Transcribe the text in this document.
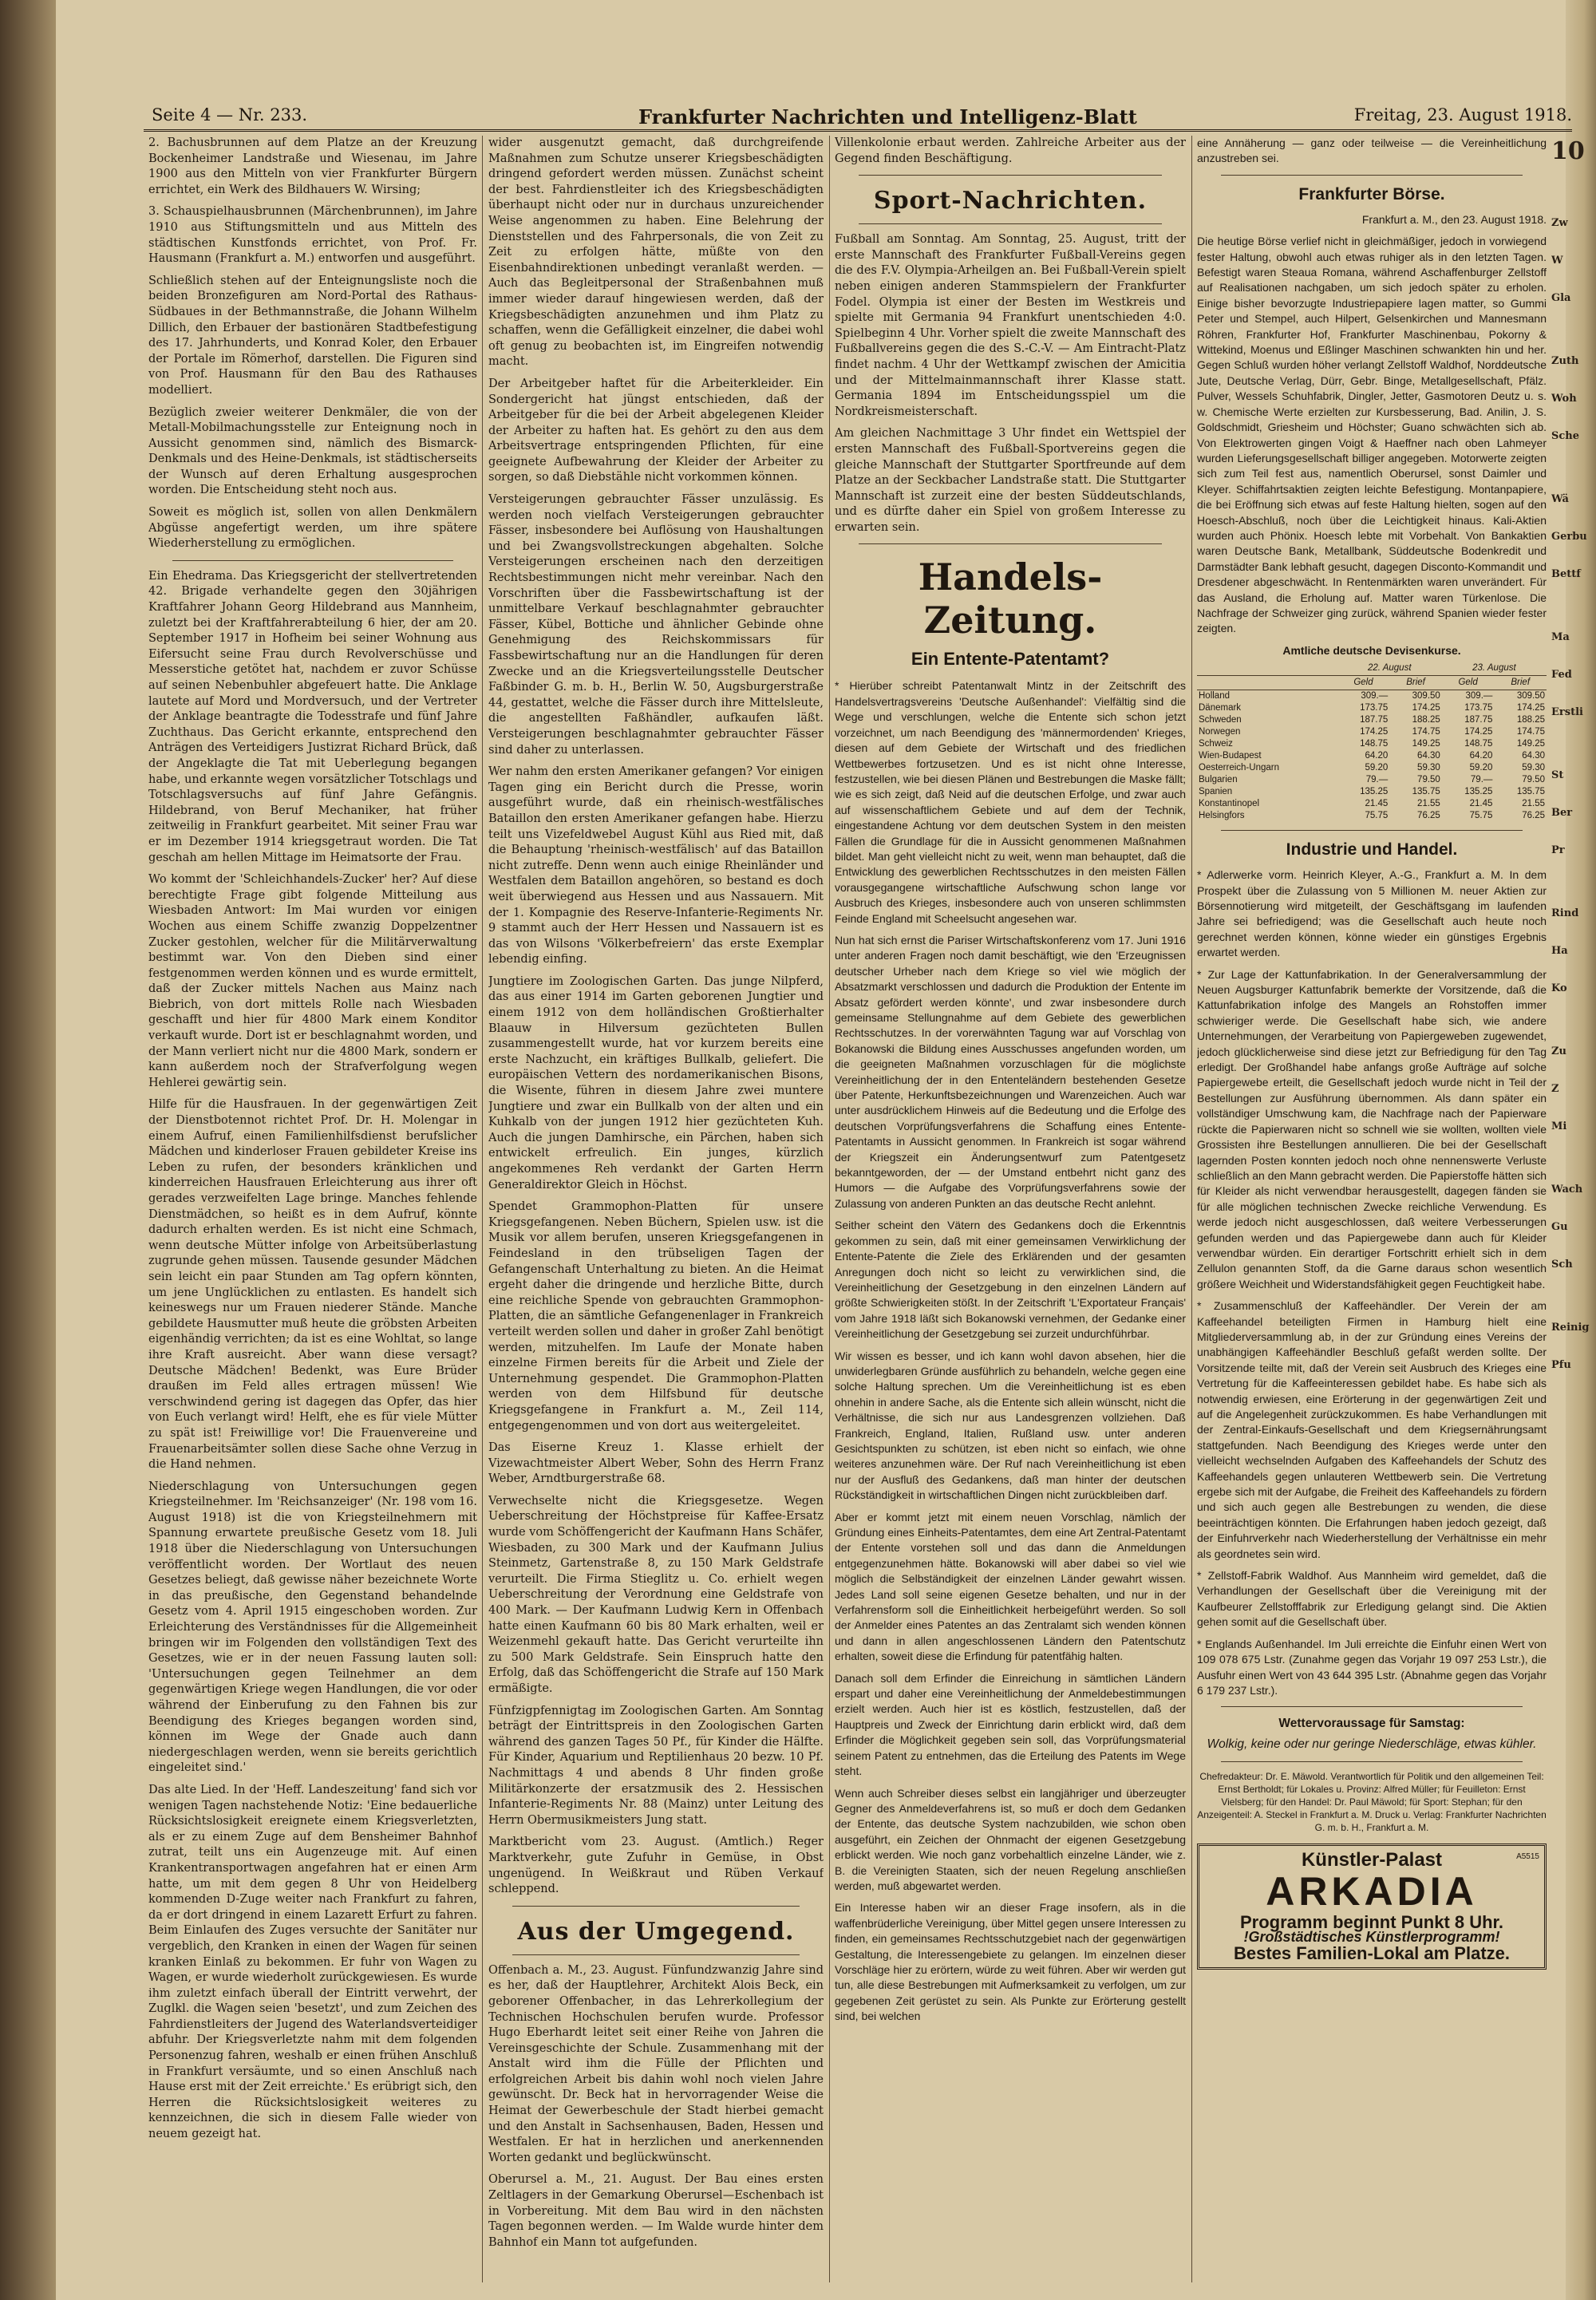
Seite 4 — Nr. 233.	Frankfurter Nachrichten und Intelligenz-Blatt	Freitag, 23. August 1918.

2. Bachusbrunnen auf dem Platze an der Kreuzung Bockenheimer Landstraße und Wiesenau, im Jahre 1900 aus den Mitteln von vier Frankfurter Bürgern errichtet, ein Werk des Bildhauers W. Wirsing;

3. Schauspielhausbrunnen (Märchenbrunnen), im Jahre 1910 aus Stiftungsmitteln und aus Mitteln des städtischen Kunstfonds errichtet, von Prof. Fr. Hausmann (Frankfurt a. M.) entworfen und ausgeführt.

Schließlich stehen auf der Enteignungsliste noch die beiden Bronzefiguren am Nord-Portal des Rathaus-Südbaues in der Bethmannstraße, die Johann Wilhelm Dillich, den Erbauer der bastionären Stadtbefestigung des 17. Jahrhunderts, und Konrad Koler, den Erbauer der Portale im Römerhof, darstellen. Die Figuren sind von Prof. Hausmann für den Bau des Rathauses modelliert.

Bezüglich zweier weiterer Denkmäler, die von der Metall-Mobilmachungsstelle zur Enteignung noch in Aussicht genommen sind, nämlich des Bismarck-Denkmals und des Heine-Denkmals, ist städtischerseits der Wunsch auf deren Erhaltung ausgesprochen worden. Die Entscheidung steht noch aus.

Soweit es möglich ist, sollen von allen Denkmälern Abgüsse angefertigt werden, um ihre spätere Wiederherstellung zu ermöglichen.

Ein Ehedrama. Das Kriegsgericht der stellvertretenden 42. Brigade verhandelte gegen den 30jährigen Kraftfahrer Johann Georg Hildebrand aus Mannheim, zuletzt bei der Kraftfahrerabteilung 6 hier, der am 20. September 1917 in Hofheim bei seiner Wohnung aus Eifersucht seine Frau durch Revolverschüsse und Messerstiche getötet hat, nachdem er zuvor Schüsse auf seinen Nebenbuhler abgefeuert hatte. Die Anklage lautete auf Mord und Mordversuch, und der Vertreter der Anklage beantragte die Todesstrafe und fünf Jahre Zuchthaus. Das Gericht erkannte, entsprechend den Anträgen des Verteidigers Justizrat Richard Brück, daß der Angeklagte die Tat mit Ueberlegung begangen habe, und erkannte wegen vorsätzlicher Totschlags und Totschlagsversuchs auf fünf Jahre Gefängnis. Hildebrand, von Beruf Mechaniker, hat früher zeitweilig in Frankfurt gearbeitet. Mit seiner Frau war er im Dezember 1914 kriegsgetraut worden. Die Tat geschah am hellen Mittage im Heimatsorte der Frau.

Wo kommt der 'Schleichhandels-Zucker' her? Auf diese berechtigte Frage gibt folgende Mitteilung aus Wiesbaden Antwort: Im Mai wurden vor einigen Wochen aus einem Schiffe zwanzig Doppelzentner Zucker gestohlen, welcher für die Militärverwaltung bestimmt war. Von den Dieben sind einer festgenommen werden können und es wurde ermittelt, daß der Zucker mittels Nachen aus Mainz nach Biebrich, von dort mittels Rolle nach Wiesbaden geschafft und hier für 4800 Mark einem Konditor verkauft wurde. Dort ist er beschlagnahmt worden, und der Mann verliert nicht nur die 4800 Mark, sondern er kann außerdem noch der Strafverfolgung wegen Hehlerei gewärtig sein.

Hilfe für die Hausfrauen. In der gegenwärtigen Zeit der Dienstbotennot richtet Prof. Dr. H. Molengar in einem Aufruf, einen Familienhilfsdienst berufslicher Mädchen und kinderloser Frauen gebildeter Kreise ins Leben zu rufen, der besonders kränklichen und kinderreichen Hausfrauen Erleichterung aus ihrer oft gerades verzweifelten Lage bringe. Manches fehlende Dienstmädchen, so heißt es in dem Aufruf, könnte dadurch erhalten werden. Es ist nicht eine Schmach, wenn deutsche Mütter infolge von Arbeitsüberlastung zugrunde gehen müssen. Tausende gesunder Mädchen sein leicht ein paar Stunden am Tag opfern könnten, um jene Unglücklichen zu entlasten. Es handelt sich keineswegs nur um Frauen niederer Stände. Manche gebildete Hausmutter muß heute die gröbsten Arbeiten eigenhändig verrichten; da ist es eine Wohltat, so lange ihre Kraft ausreicht. Aber wann diese versagt? Deutsche Mädchen! Bedenkt, was Eure Brüder draußen im Feld alles ertragen müssen! Wie verschwindend gering ist dagegen das Opfer, das hier von Euch verlangt wird! Helft, ehe es für viele Mütter zu spät ist! Freiwillige vor! Die Frauenvereine und Frauenarbeitsämter sollen diese Sache ohne Verzug in die Hand nehmen.

Niederschlagung von Untersuchungen gegen Kriegsteilnehmer. Im 'Reichsanzeiger' (Nr. 198 vom 16. August 1918) ist die von Kriegsteilnehmern mit Spannung erwartete preußische Gesetz vom 18. Juli 1918 über die Niederschlagung von Untersuchungen veröffentlicht worden. Der Wortlaut des neuen Gesetzes beliegt, daß gewisse näher bezeichnete Worte in das preußische, den Gegenstand behandelnde Gesetz vom 4. April 1915 eingeschoben worden. Zur Erleichterung des Verständnisses für die Allgemeinheit bringen wir im Folgenden den vollständigen Text des Gesetzes, wie er in der neuen Fassung lauten soll: 'Untersuchungen gegen Teilnehmer an dem gegenwärtigen Kriege wegen Handlungen, die vor oder während der Einberufung zu den Fahnen bis zur Beendigung des Krieges begangen worden sind, können im Wege der Gnade auch dann niedergeschlagen werden, wenn sie bereits gerichtlich eingeleitet sind.'

Das alte Lied. In der 'Heff. Landeszeitung' fand sich vor wenigen Tagen nachstehende Notiz: 'Eine bedauerliche Rücksichtslosigkeit ereignete einem Kriegsverletzten, als er zu einem Zuge auf dem Bensheimer Bahnhof zutrat, teilt uns ein Augenzeuge mit. Auf einen Krankentransportwagen angefahren hat er einen Arm hatte, um mit dem gegen 8 Uhr von Heidelberg kommenden D-Zuge weiter nach Frankfurt zu fahren, da er dort dringend in einem Lazarett Erfurt zu fahren. Beim Einlaufen des Zuges versuchte der Sanitäter nur vergeblich, den Kranken in einen der Wagen für seinen kranken Einlaß zu bekommen. Er fuhr von Wagen zu Wagen, er wurde wiederholt zurückgewiesen. Es wurde ihm zuletzt einfach überall der Eintritt verwehrt, der Zuglkl. die Wagen seien 'besetzt', und zum Zeichen des Fahrdienstleiters der Jugend des Waterlandsverteidiger abfuhr. Der Kriegsverletzte nahm mit dem folgenden Personenzug fahren, weshalb er einen frühen Anschluß in Frankfurt versäumte, und so einen Anschluß nach Hause erst mit der Zeit erreichte.' Es erübrigt sich, den Herren die Rücksichtslosigkeit weiteres zu kennzeichnen, die sich in diesem Falle wieder von neuem gezeigt hat.

wider ausgenutzt gemacht, daß durchgreifende Maßnahmen zum Schutze unserer Kriegsbeschädigten dringend gefordert werden müssen. Zunächst scheint der best. Fahrdienstleiter ich des Kriegsbeschädigten überhaupt nicht oder nur in durchaus unzureichender Weise angenommen zu haben. Eine Belehrung der Dienststellen und des Fahrpersonals, die von Zeit zu Zeit zu erfolgen hätte, müßte von den Eisenbahndirektionen unbedingt veranlaßt werden. — Auch das Begleitpersonal der Straßenbahnen muß immer wieder darauf hingewiesen werden, daß der Kriegsbeschädigten anzunehmen und ihm Platz zu schaffen, wenn die Gefälligkeit einzelner, die dabei wohl oft genug zu beobachten ist, im Eingreifen notwendig macht.

Der Arbeitgeber haftet für die Arbeiterkleider. Ein Sondergericht hat jüngst entschieden, daß der Arbeitgeber für die bei der Arbeit abgelegenen Kleider der Arbeiter zu haften hat. Es gehört zu den aus dem Arbeitsvertrage entspringenden Pflichten, für eine geeignete Aufbewahrung der Kleider der Arbeiter zu sorgen, so daß Diebstähle nicht vorkommen können.

Versteigerungen gebrauchter Fässer unzulässig. Es werden noch vielfach Versteigerungen gebrauchter Fässer, insbesondere bei Auflösung von Haushaltungen und bei Zwangsvollstreckungen abgehalten. Solche Versteigerungen erscheinen nach den derzeitigen Rechtsbestimmungen nicht mehr vereinbar. Nach den Vorschriften über die Fassbewirtschaftung ist der unmittelbare Verkauf beschlagnahmter gebrauchter Fässer, Kübel, Bottiche und ähnlicher Gebinde ohne Genehmigung des Reichskommissars für Fassbewirtschaftung nur an die Handlungen für deren Zwecke und an die Kriegsverteilungsstelle Deutscher Faßbinder G. m. b. H., Berlin W. 50, Augsburgerstraße 44, gestattet, welche die Fässer durch ihre Mittelsleute, die angestellten Faßhändler, aufkaufen läßt. Versteigerungen beschlagnahmter gebrauchter Fässer sind daher zu unterlassen.

Wer nahm den ersten Amerikaner gefangen? Vor einigen Tagen ging ein Bericht durch die Presse, worin ausgeführt wurde, daß ein rheinisch-westfälisches Bataillon den ersten Amerikaner gefangen habe. Hierzu teilt uns Vizefeldwebel August Kühl aus Ried mit, daß die Behauptung 'rheinisch-westfälisch' auf das Bataillon nicht zutreffe. Denn wenn auch einige Rheinländer und Westfalen dem Bataillon angehören, so bestand es doch weit überwiegend aus Hessen und aus Nassauern. Mit der 1. Kompagnie des Reserve-Infanterie-Regiments Nr. 9 stammt auch der Herr Hessen und Nassauern ist es das von Wilsons 'Völkerbefreiern' das erste Exemplar lebendig einfing.

Jungtiere im Zoologischen Garten. Das junge Nilpferd, das aus einer 1914 im Garten geborenen Jungtier und einem 1912 von dem holländischen Großtierhalter Blaauw in Hilversum gezüchteten Bullen zusammengestellt wurde, hat vor kurzem bereits eine erste Nachzucht, ein kräftiges Bullkalb, geliefert. Die europäischen Vettern des nordamerikanischen Bisons, die Wisente, führen in diesem Jahre zwei muntere Jungtiere und zwar ein Bullkalb von der alten und ein Kuhkalb von der jungen 1912 hier gezüchteten Kuh. Auch die jungen Damhirsche, ein Pärchen, haben sich entwickelt erfreulich. Ein junges, kürzlich angekommenes Reh verdankt der Garten Herrn Generaldirektor Gleich in Höchst.

Spendet Grammophon-Platten für unsere Kriegsgefangenen. Neben Büchern, Spielen usw. ist die Musik vor allem berufen, unseren Kriegsgefangenen in Feindesland in den trübseligen Tagen der Gefangenschaft Unterhaltung zu bieten. An die Heimat ergeht daher die dringende und herzliche Bitte, durch eine reichliche Spende von gebrauchten Grammophon-Platten, die an sämtliche Gefangenenlager in Frankreich verteilt werden sollen und daher in großer Zahl benötigt werden, mitzuhelfen. Im Laufe der Monate haben einzelne Firmen bereits für die Arbeit und Ziele der Unternehmung gespendet. Die Grammophon-Platten werden von dem Hilfsbund für deutsche Kriegsgefangene in Frankfurt a. M., Zeil 114, entgegengenommen und von dort aus weitergeleitet.

Das Eiserne Kreuz 1. Klasse erhielt der Vizewachtmeister Albert Weber, Sohn des Herrn Franz Weber, Arndtburgerstraße 68.

Verwechselte nicht die Kriegsgesetze. Wegen Ueberschreitung der Höchstpreise für Kaffee-Ersatz wurde vom Schöffengericht der Kaufmann Hans Schäfer, Wiesbaden, zu 300 Mark und der Kaufmann Julius Steinmetz, Gartenstraße 8, zu 150 Mark Geldstrafe verurteilt. Die Firma Stieglitz u. Co. erhielt wegen Ueberschreitung der Verordnung eine Geldstrafe von 400 Mark. — Der Kaufmann Ludwig Kern in Offenbach hatte einen Kaufmann 60 bis 80 Mark erhalten, weil er Weizenmehl gekauft hatte. Das Gericht verurteilte ihn zu 500 Mark Geldstrafe. Sein Einspruch hatte den Erfolg, daß das Schöffengericht die Strafe auf 150 Mark ermäßigte.

Fünfzigpfennigtag im Zoologischen Garten. Am Sonntag beträgt der Eintrittspreis in den Zoologischen Garten während des ganzen Tages 50 Pf., für Kinder die Hälfte. Für Kinder, Aquarium und Reptilienhaus 20 bezw. 10 Pf. Nachmittags 4 und abends 8 Uhr finden große Militärkonzerte der ersatzmusik des 2. Hessischen Infanterie-Regiments Nr. 88 (Mainz) unter Leitung des Herrn Obermusikmeisters Jung statt.

Marktbericht vom 23. August. (Amtlich.) Reger Marktverkehr, gute Zufuhr in Gemüse, in Obst ungenügend. In Weißkraut und Rüben Verkauf schleppend.

Aus der Umgegend.

Offenbach a. M., 23. August. Fünfundzwanzig Jahre sind es her, daß der Hauptlehrer, Architekt Alois Beck, ein geborener Offenbacher, in das Lehrerkollegium der Technischen Hochschulen berufen wurde. Professor Hugo Eberhardt leitet seit einer Reihe von Jahren die Vereinsgeschichte der Schule. Zusammenhang mit der Anstalt wird ihm die Fülle der Pflichten und erfolgreichen Arbeit bis dahin wohl noch vielen Jahre gewünscht. Dr. Beck hat in hervorragender Weise die Heimat der Gewerbeschule der Stadt hierbei gemacht und den Anstalt in Sachsenhausen, Baden, Hessen und Westfalen. Er hat in herzlichen und anerkennenden Worten gedankt und beglückwünscht.

Oberursel a. M., 21. August. Der Bau eines ersten Zeltlagers in der Gemarkung Oberursel—Eschenbach ist in Vorbereitung. Mit dem Bau wird in den nächsten Tagen begonnen werden. — Im Walde wurde hinter dem Bahnhof ein Mann tot aufgefunden.

Villenkolonie erbaut werden. Zahlreiche Arbeiter aus der Gegend finden Beschäftigung.

Sport-Nachrichten.

Fußball am Sonntag. Am Sonntag, 25. August, tritt der erste Mannschaft des Frankfurter Fußball-Vereins gegen die des F.V. Olympia-Arheilgen an. Bei Fußball-Verein spielt neben einigen anderen Stammspielern der Frankfurter Fodel. Olympia ist einer der Besten im Westkreis und spielte mit Germania 94 Frankfurt unentschieden 4:0. Spielbeginn 4 Uhr. Vorher spielt die zweite Mannschaft des Fußballvereins gegen die des S.-C.-V. — Am Eintracht-Platz findet nachm. 4 Uhr der Wettkampf zwischen der Amicitia und der Mittelmainmannschaft ihrer Klasse statt. Germania 1894 im Entscheidungsspiel um die Nordkreismeisterschaft.

Am gleichen Nachmittage 3 Uhr findet ein Wettspiel der ersten Mannschaft des Fußball-Sportvereins gegen die gleiche Mannschaft der Stuttgarter Sportfreunde auf dem Platze an der Seckbacher Landstraße statt. Die Stuttgarter Mannschaft ist zurzeit eine der besten Süddeutschlands, und es dürfte daher ein Spiel von großem Interesse zu erwarten sein.

Handels-Zeitung.
Ein Entente-Patentamt?

* Hierüber schreibt Patentanwalt Mintz in der Zeitschrift des Handelsvertragsvereins 'Deutsche Außenhandel': Vielfältig sind die Wege und verschlungen, welche die Entente sich schon jetzt vorzeichnet, um nach Beendigung des 'männermordenden' Krieges, diesen auf dem Gebiete der Wirtschaft und des friedlichen Wettbewerbes fortzusetzen. Und es ist nicht ohne Interesse, festzustellen, wie bei diesen Plänen und Bestrebungen die Maske fällt; wie es sich zeigt, daß Neid auf die deutschen Erfolge, und zwar auch auf wissenschaftlichem Gebiete und auf dem der Technik, eingestandene Achtung vor dem deutschen System in den meisten Fällen die Grundlage für die in Aussicht genommenen Maßnahmen bildet. Man geht vielleicht nicht zu weit, wenn man behauptet, daß die Entwicklung des gewerblichen Rechtsschutzes in den meisten Fällen vorausgegangene wirtschaftliche Aufschwung schon lange vor Ausbruch des Krieges, insbesondere auch von unseren schlimmsten Feinde England mit Scheelsucht angesehen war.

Nun hat sich ernst die Pariser Wirtschaftskonferenz vom 17. Juni 1916 unter anderen Fragen noch damit beschäftigt, wie den 'Erzeugnissen deutscher Urheber nach dem Kriege so viel wie möglich der Absatzmarkt verschlossen und dadurch die Produktion der Entente im Absatz gefördert werden könnte', und zwar insbesondere durch gemeinsame Stellungnahme auf dem Gebiete des gewerblichen Rechtsschutzes. In der vorerwähnten Tagung war auf Vorschlag von Bokanowski die Bildung eines Ausschusses angefunden worden, um die geeigneten Maßnahmen vorzuschlagen für die möglichste Vereinheitlichung der in den Ententeländern bestehenden Gesetze über Patente, Herkunftsbezeichnungen und Warenzeichen. Auch war unter ausdrücklichem Hinweis auf die Bedeutung und die Erfolge des deutschen Vorprüfungsverfahrens die Schaffung eines Entente-Patentamts in Aussicht genommen. In Frankreich ist sogar während der Kriegszeit ein Änderungsentwurf zum Patentgesetz bekanntgeworden, der — der Umstand entbehrt nicht ganz des Humors — die Aufgabe des Vorprüfungsverfahrens sowie der Zulassung von anderen Punkten an das deutsche Recht anlehnt.

Seither scheint den Vätern des Gedankens doch die Erkenntnis gekommen zu sein, daß mit einer gemeinsamen Verwirklichung der Entente-Patente die Ziele des Erklärenden und der gesamten Anregungen doch nicht so leicht zu verwirklichen sind, die Vereinheitlichung der Gesetzgebung in den einzelnen Ländern auf größte Schwierigkeiten stößt. In der Zeitschrift 'L'Exportateur Français' vom Jahre 1918 läßt sich Bokanowski vernehmen, der Gedanke einer Vereinheitlichung der Gesetzgebung sei zurzeit undurchführbar.

Wir wissen es besser, und ich kann wohl davon absehen, hier die unwiderlegbaren Gründe ausführlich zu behandeln, welche gegen eine solche Haltung sprechen. Um die Vereinheitlichung ist es eben ohnehin in andere Sache, als die Entente sich allein wünscht, nicht die Verhältnisse, die sich nur aus Landesgrenzen vollziehen. Daß Frankreich, England, Italien, Rußland usw. unter anderen Gesichtspunkten zu schützen, ist eben nicht so einfach, wie ohne weiteres anzunehmen wäre. Der Ruf nach Vereinheitlichung ist eben nur der Ausfluß des Gedankens, daß man hinter der deutschen Rückständigkeit in wirtschaftlichen Dingen nicht zurückbleiben darf.

Aber er kommt jetzt mit einem neuen Vorschlag, nämlich der Gründung eines Einheits-Patentamtes, dem eine Art Zentral-Patentamt der Entente vorstehen soll und das dann die Anmeldungen entgegenzunehmen hätte. Bokanowski will aber dabei so viel wie möglich die Selbständigkeit der einzelnen Länder gewahrt wissen. Jedes Land soll seine eigenen Gesetze behalten, und nur in der Verfahrensform soll die Einheitlichkeit herbeigeführt werden. So soll der Anmelder eines Patentes an das Zentralamt sich wenden können und dann in allen angeschlossenen Ländern den Patentschutz erhalten, soweit diese die Erfindung für patentfähig halten.

Danach soll dem Erfinder die Einreichung in sämtlichen Ländern erspart und daher eine Vereinheitlichung der Anmeldebestimmungen erzielt werden. Auch hier ist es köstlich, festzustellen, daß der Hauptpreis und Zweck der Einrichtung darin erblickt wird, daß dem Erfinder die Möglichkeit gegeben sein soll, das Vorprüfungsmaterial seinem Patent zu entnehmen, das die Erteilung des Patents im Wege steht.

Wenn auch Schreiber dieses selbst ein langjähriger und überzeugter Gegner des Anmeldeverfahrens ist, so muß er doch dem Gedanken der Entente, das deutsche System nachzubilden, wie schon oben ausgeführt, ein Zeichen der Ohnmacht der eigenen Gesetzgebung erblickt werden. Wie noch ganz vorbehaltlich einzelne Länder, wie z. B. die Vereinigten Staaten, sich der neuen Regelung anschließen werden, muß abgewartet werden.

Ein Interesse haben wir an dieser Frage insofern, als in die waffenbrüderliche Vereinigung, über Mittel gegen unsere Interessen zu finden, ein gemeinsames Rechtsschutzgebiet nach der gegenwärtigen Gestaltung, die Interessengebiete zu gelangen. Im einzelnen dieser Vorschläge hier zu erörtern, würde zu weit führen. Aber wir werden gut tun, alle diese Bestrebungen mit Aufmerksamkeit zu verfolgen, um zur gegebenen Zeit gerüstet zu sein. Als Punkte zur Erörterung gestellt sind, bei welchen

eine Annäherung — ganz oder teilweise — die Vereinheitlichung anzustreben sei.

Frankfurter Börse.

Frankfurt a. M., den 23. August 1918.

Die heutige Börse verlief nicht in gleichmäßiger, jedoch in vorwiegend fester Haltung, obwohl auch etwas ruhiger als in den letzten Tagen. Befestigt waren Steaua Romana, während Aschaffenburger Zellstoff auf Realisationen nachgaben, um sich jedoch später zu erholen. Einige bisher bevorzugte Industriepapiere lagen matter, so Gummi Peter und Stempel, auch Hilpert, Gelsenkirchen und Mannesmann Röhren, Frankfurter Hof, Frankfurter Maschinenbau, Pokorny & Wittekind, Moenus und Eßlinger Maschinen schwankten hin und her. Gegen Schluß wurden höher verlangt Zellstoff Waldhof, Norddeutsche Jute, Deutsche Verlag, Dürr, Gebr. Binge, Metallgesellschaft, Pfälz. Pulver, Wessels Schuhfabrik, Dingler, Jetter, Gasmotoren Deutz u. s. w. Chemische Werte erzielten zur Kursbesserung, Bad. Anilin, J. S. Goldschmidt, Griesheim und Höchster; Guano schwächten sich ab. Von Elektrowerten gingen Voigt & Haeffner nach oben Lahmeyer wurden Lieferungsgesellschaft billiger angegeben. Motorwerte zeigten sich zum Teil fest aus, namentlich Oberursel, sonst Daimler und Kleyer. Schiffahrtsaktien zeigten leichte Befestigung. Montanpapiere, die bei Eröffnung sich etwas auf feste Haltung hielten, sogen auf den Hoesch-Abschluß, noch über die Leichtigkeit hinaus. Kali-Aktien wurden auch Phönix. Hoesch lebte mit Vorbehalt. Von Bankaktien waren Deutsche Bank, Metallbank, Süddeutsche Bodenkredit und Darmstädter Bank lebhaft gesucht, dagegen Disconto-Kommandit und Dresdener abgeschwächt. In Rentenmärkten waren unverändert. Für das Ausland, die Erholung auf. Matter waren Türkenlose. Die Nachfrage der Schweizer ging zurück, während Spanien wieder fester zeigten.

Amtliche deutsche Devisenkurse.
	22. August		23. August	
	Geld	Brief	Geld	Brief
Holland	309.—	309.50	309.—	309.50
Dänemark	173.75	174.25	173.75	174.25
Schweden	187.75	188.25	187.75	188.25
Norwegen	174.25	174.75	174.25	174.75
Schweiz	148.75	149.25	148.75	149.25
Wien-Budapest	64.20	64.30	64.20	64.30
Oesterreich-Ungarn	59.20	59.30	59.20	59.30
Bulgarien	79.—	79.50	79.—	79.50
Spanien	135.25	135.75	135.25	135.75
Konstantinopel	21.45	21.55	21.45	21.55
Helsingfors	75.75	76.25	75.75	76.25
Industrie und Handel.

* Adlerwerke vorm. Heinrich Kleyer, A.-G., Frankfurt a. M. In dem Prospekt über die Zulassung von 5 Millionen M. neuer Aktien zur Börsennotierung wird mitgeteilt, der Geschäftsgang im laufenden Jahre sei befriedigend; was die Gesellschaft auch heute noch gerechnet werden können, könne wieder ein günstiges Ergebnis erwartet werden.

* Zur Lage der Kattunfabrikation. In der Generalversammlung der Neuen Augsburger Kattunfabrik bemerkte der Vorsitzende, daß die Kattunfabrikation infolge des Mangels an Rohstoffen immer schwieriger werde. Die Gesellschaft habe sich, wie andere Unternehmungen, der Verarbeitung von Papiergeweben zugewendet, jedoch glücklicherweise sind diese jetzt zur Befriedigung für den Tag erledigt. Der Großhandel habe anfangs große Aufträge auf solche Papiergewebe erteilt, die Gesellschaft jedoch wurde nicht in Teil der Bestellungen zur Ausführung übernommen. Als dann später ein vollständiger Umschwung kam, die Nachfrage nach der Papierware rückte die Papierwaren nicht so schnell wie sie wollten, wollten viele Grossisten ihre Bestellungen annullieren. Die bei der Gesellschaft lagernden Posten konnten jedoch noch ohne nennenswerte Verluste schließlich an den Mann gebracht werden. Die Papierstoffe hätten sich für Kleider als nicht verwendbar herausgestellt, dagegen fänden sie für alle möglichen technischen Zwecke reichliche Verwendung. Es werde jedoch nicht ausgeschlossen, daß weitere Verbesserungen gefunden werden und das Papiergewebe dann auch für Kleider verwendbar würden. Ein derartiger Fortschritt erhielt sich in dem Zellulon genannten Stoff, da die Garne daraus schon wesentlich größere Weichheit und Widerstandsfähigkeit gegen Feuchtigkeit habe.

* Zusammenschluß der Kaffeehändler. Der Verein der am Kaffeehandel beteiligten Firmen in Hamburg hielt eine Mitgliederversammlung ab, in der zur Gründung eines Vereins der unabhängigen Kaffeehändler Beschluß gefaßt werden sollte. Der Vorsitzende teilte mit, daß der Verein seit Ausbruch des Krieges eine Vertretung für die Kaffeeinteressen gebildet habe. Es habe sich als notwendig erwiesen, eine Erörterung in der gegenwärtigen Zeit und auf die Angelegenheit zurückzukommen. Es habe Verhandlungen mit der Zentral-Einkaufs-Gesellschaft und dem Kriegsernährungsamt stattgefunden. Nach Beendigung des Krieges werde unter den vielleicht wechselnden Aufgaben des Kaffeehandels der Schutz des Kaffeehandels gegen unlauteren Wettbewerb sein. Die Vertretung ergebe sich mit der Aufgabe, die Freiheit des Kaffeehandels zu fördern und sich auch gegen alle Bestrebungen zu wenden, die diese beeinträchtigen könnten. Die Erfahrungen haben jedoch gezeigt, daß der Einfuhrverkehr nach Wiederherstellung der Verhältnisse ein mehr als geordnetes sein wird.

* Zellstoff-Fabrik Waldhof. Aus Mannheim wird gemeldet, daß die Verhandlungen der Gesellschaft über die Vereinigung mit der Kaufbeurer Zellstofffabrik zur Erledigung gelangt sind. Die Aktien gehen somit auf die Gesellschaft über.

* Englands Außenhandel. Im Juli erreichte die Einfuhr einen Wert von 109 078 675 Lstr. (Zunahme gegen das Vorjahr 19 097 253 Lstr.), die Ausfuhr einen Wert von 43 644 395 Lstr. (Abnahme gegen das Vorjahr 6 179 237 Lstr.).

Wettervoraussage für Samstag:
Wolkig, keine oder nur geringe Niederschläge, etwas kühler.
Chefredakteur: Dr. E. Mäwold. Verantwortlich für Politik und den allgemeinen Teil: Ernst Bertholdt; für Lokales u. Provinz: Alfred Müller; für Feuilleton: Ernst Vielsberg; für den Handel: Dr. Paul Mäwold; für Sport: Stephan; für den Anzeigenteil: A. Steckel in Frankfurt a. M. Druck u. Verlag: Frankfurter Nachrichten G. m. b. H., Frankfurt a. M.
A5515
Künstler-Palast
ARKADIA
Programm beginnt Punkt 8 Uhr.
!Großstädtisches Künstlerprogramm!
Bestes Familien-Lokal am Platze.
10
Zw
W
Gla
Zuth
Woh
Sche
Wä
Gerbu
Bettf
Ma
Fed
Erstli
St
Ber
Pr
Rind
Ha
Ko
Zu
Z
Mi
Wach
Gu
Sch
Reinig
Pfu
